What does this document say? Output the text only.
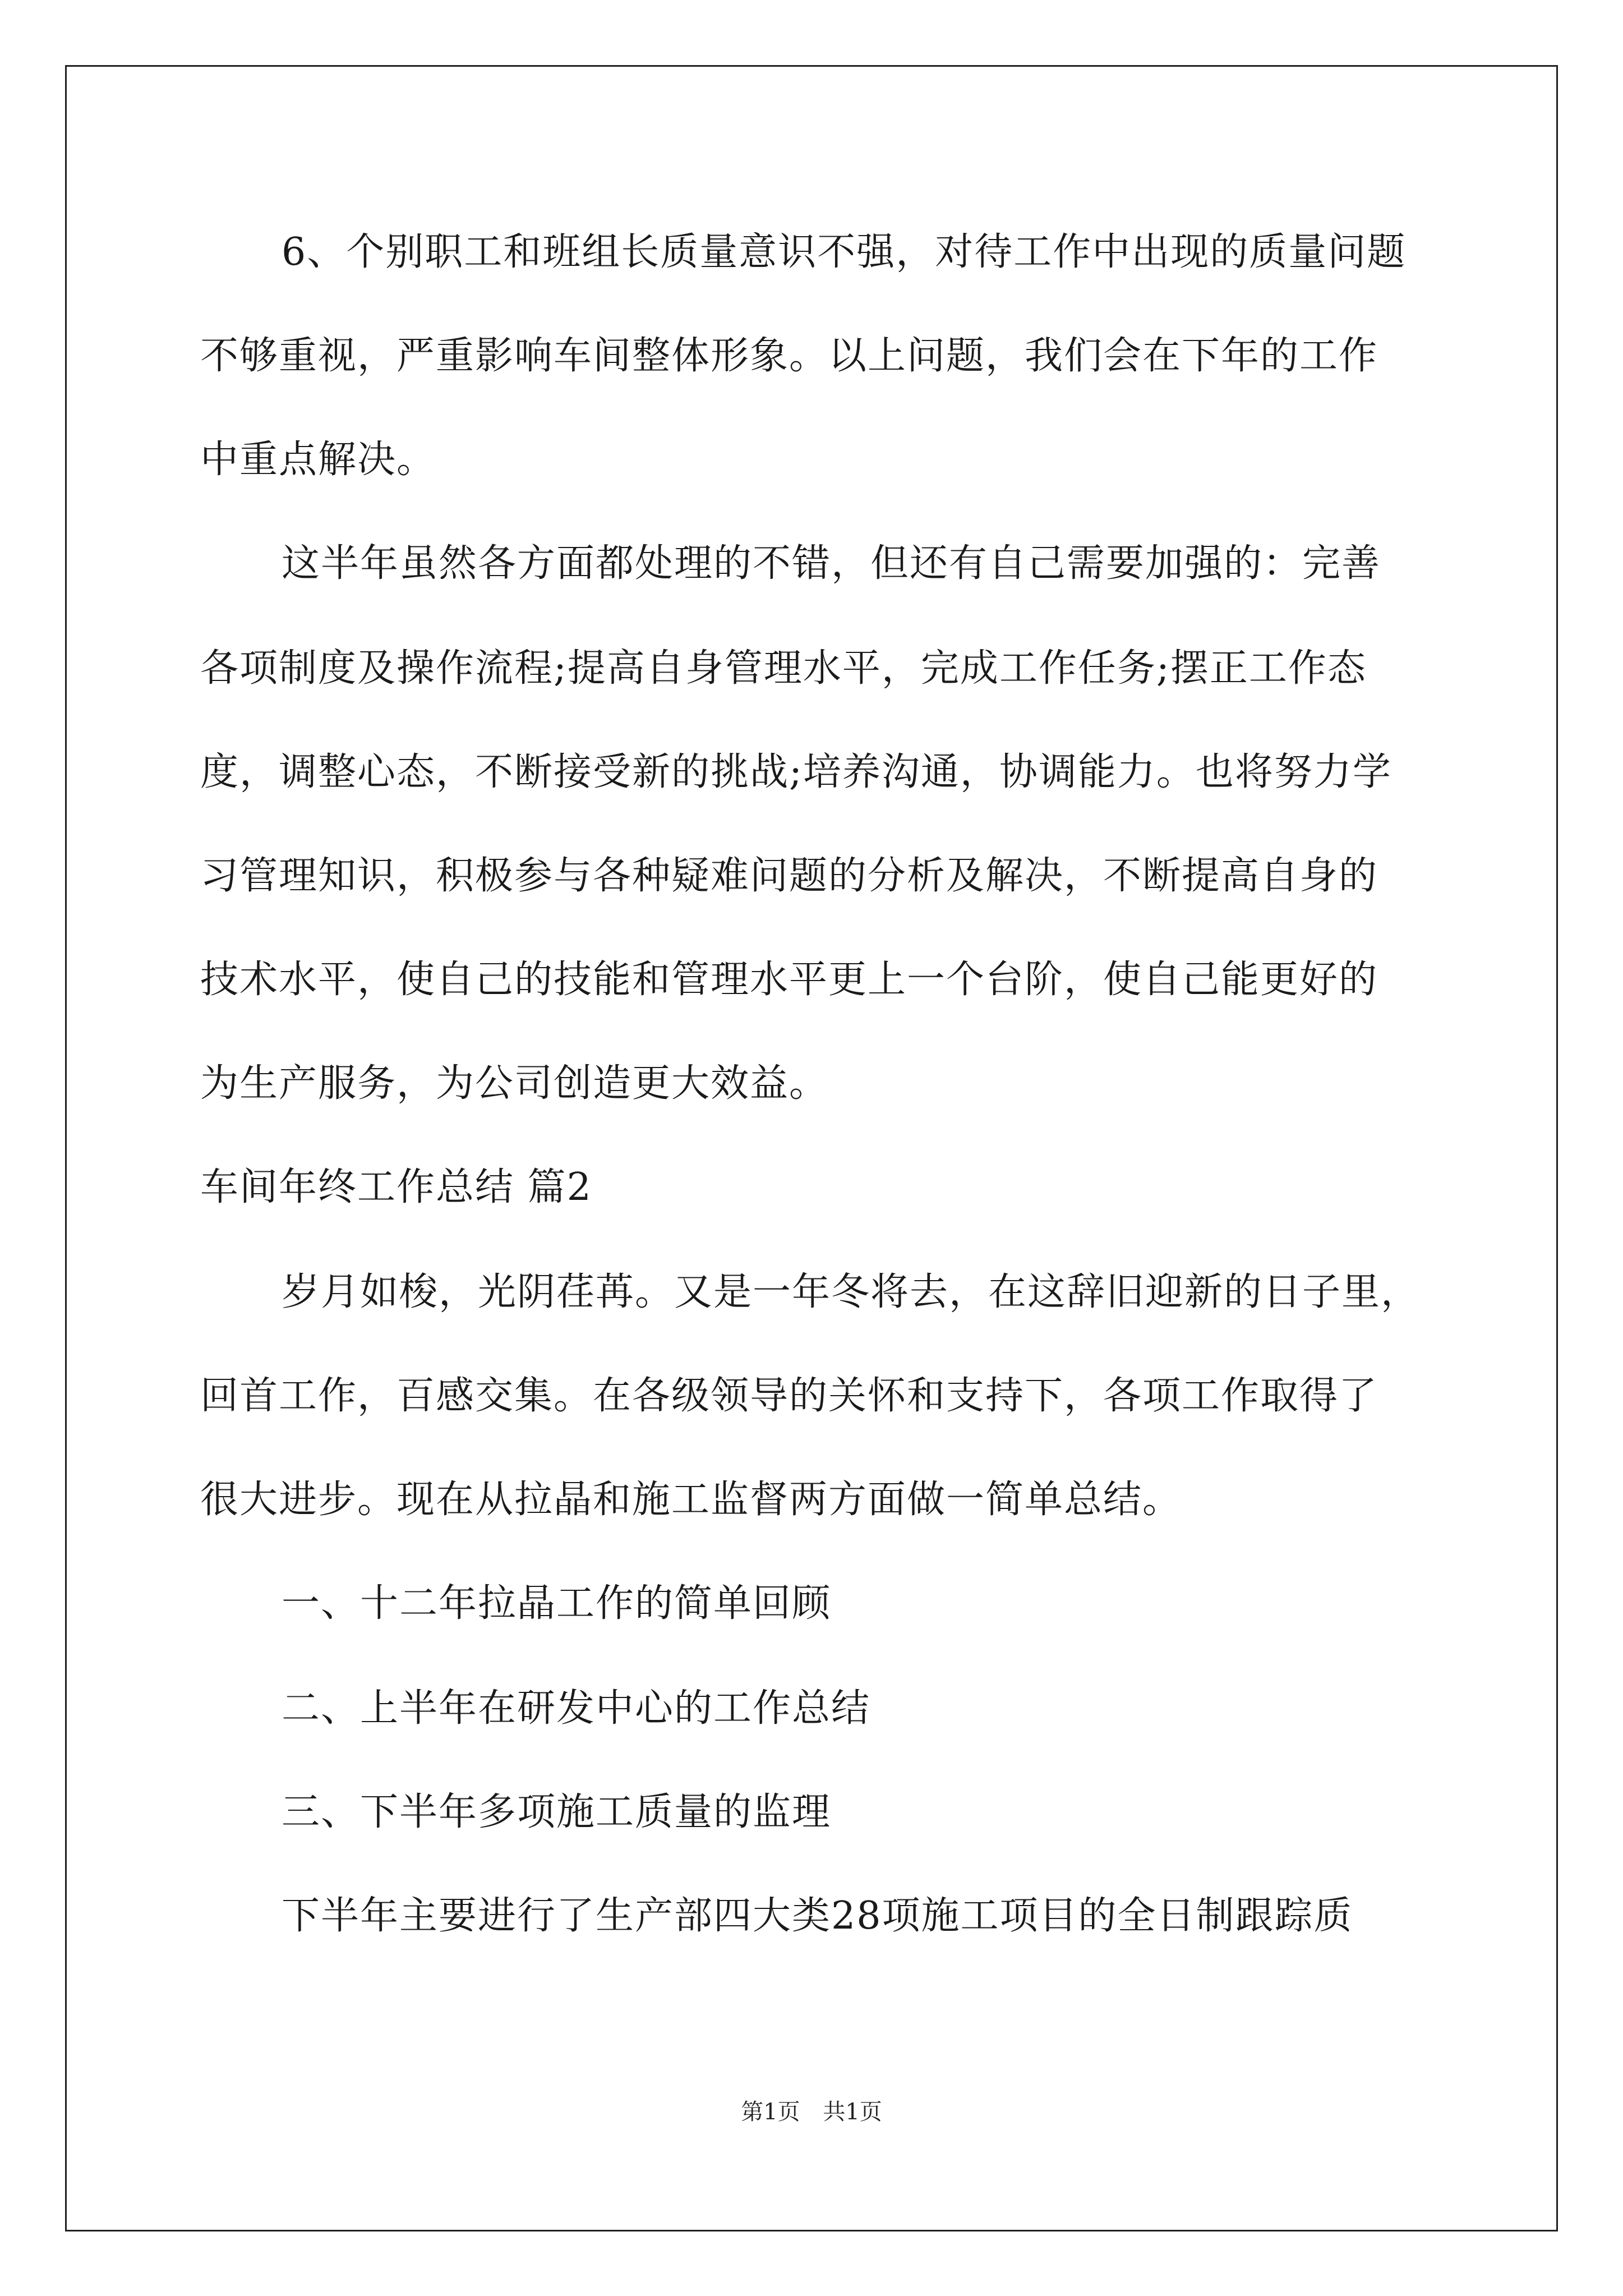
6、个别职工和班组长质量意识不强，对待工作中出现的质量问题
不够重视，严重影响车间整体形象。以上问题，我们会在下年的工作
中重点解决。
这半年虽然各方面都处理的不错，但还有自己需要加强的：完善
各项制度及操作流程;提高自身管理水平，完成工作任务;摆正工作态
度，调整心态，不断接受新的挑战;培养沟通，协调能力。也将努力学
习管理知识，积极参与各种疑难问题的分析及解决，不断提高自身的
技术水平，使自己的技能和管理水平更上一个台阶，使自己能更好的
为生产服务，为公司创造更大效益。
车间年终工作总结 篇2
岁月如梭，光阴荏苒。又是一年冬将去，在这辞旧迎新的日子里，
回首工作，百感交集。在各级领导的关怀和支持下，各项工作取得了
很大进步。现在从拉晶和施工监督两方面做一简单总结。
一、十二年拉晶工作的简单回顾
二、上半年在研发中心的工作总结
三、下半年多项施工质量的监理
下半年主要进行了生产部四大类28项施工项目的全日制跟踪质
第1页 共1页
